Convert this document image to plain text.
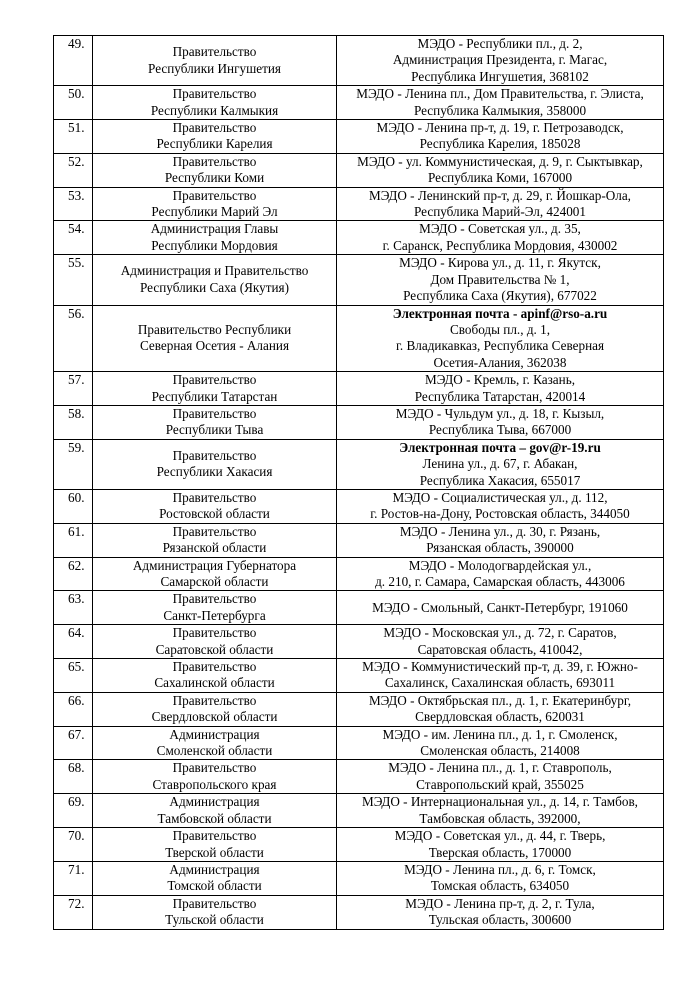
49.	Правительство
Республики Ингушетия	МЭДО - Республики пл., д. 2,
Администрация Президента, г. Магас,
Республика Ингушетия, 368102

50.	Правительство
Республики Калмыкия	МЭДО - Ленина пл., Дом Правительства, г. Элиста,
Республика Калмыкия, 358000

51.	Правительство
Республики Карелия	МЭДО - Ленина пр-т, д. 19, г. Петрозаводск,
Республика Карелия, 185028

52.	Правительство
Республики Коми	МЭДО - ул. Коммунистическая, д. 9, г. Сыктывкар,
Республика Коми, 167000

53.	Правительство
Республики Марий Эл	МЭДО - Ленинский пр-т, д. 29, г. Йошкар-Ола,
Республика Марий-Эл, 424001

54.	Администрация Главы
Республики Мордовия	МЭДО - Советская ул., д. 35,
г. Саранск, Республика Мордовия, 430002

55.	Администрация и Правительство
Республики Саха (Якутия)	МЭДО - Кирова ул., д. 11, г. Якутск,
Дом Правительства № 1,
Республика Саха (Якутия), 677022

56.	Правительство Республики
Северная Осетия - Алания	Электронная почта - apinf@rso-a.ru
Свободы пл., д. 1,
г. Владикавказ, Республика Северная
Осетия-Алания, 362038

57.	Правительство
Республики Татарстан	МЭДО - Кремль, г. Казань,
Республика Татарстан, 420014

58.	Правительство
Республики Тыва	МЭДО - Чульдум ул., д. 18, г. Кызыл,
Республика Тыва, 667000

59.	Правительство
Республики Хакасия	Электронная почта – gov@r-19.ru
Ленина ул., д. 67, г. Абакан,
Республика Хакасия, 655017

60.	Правительство
Ростовской области	МЭДО - Социалистическая ул., д. 112,
г. Ростов-на-Дону, Ростовская область, 344050

61.	Правительство
Рязанской области	МЭДО - Ленина ул., д. 30, г. Рязань,
Рязанская область, 390000

62.	Администрация Губернатора
Самарской области	МЭДО - Молодогвардейская ул.,
д. 210, г. Самара, Самарская область, 443006

63.	Правительство
Санкт-Петербурга	МЭДО - Смольный, Санкт-Петербург, 191060

64.	Правительство
Саратовской области	МЭДО - Московская ул., д. 72, г. Саратов,
Саратовская область, 410042,

65.	Правительство
Сахалинской области	МЭДО - Коммунистический пр-т, д. 39, г. Южно-
Сахалинск, Сахалинская область, 693011

66.	Правительство
Свердловской области	МЭДО - Октябрьская пл., д. 1, г. Екатеринбург,
Свердловская область, 620031

67.	Администрация
Смоленской области	МЭДО - им. Ленина пл., д. 1, г. Смоленск,
Смоленская область, 214008

68.	Правительство
Ставропольского края	МЭДО - Ленина пл., д. 1, г. Ставрополь,
Ставропольский край, 355025

69.	Администрация
Тамбовской области	МЭДО - Интернациональная ул., д. 14, г. Тамбов,
Тамбовская область, 392000,

70.	Правительство
Тверской области	МЭДО - Советская ул., д. 44, г. Тверь,
Тверская область, 170000

71.	Администрация
Томской области	МЭДО - Ленина пл., д. 6, г. Томск,
Томская область, 634050

72.	Правительство
Тульской области	МЭДО - Ленина пр-т, д. 2, г. Тула,
Тульская область, 300600
